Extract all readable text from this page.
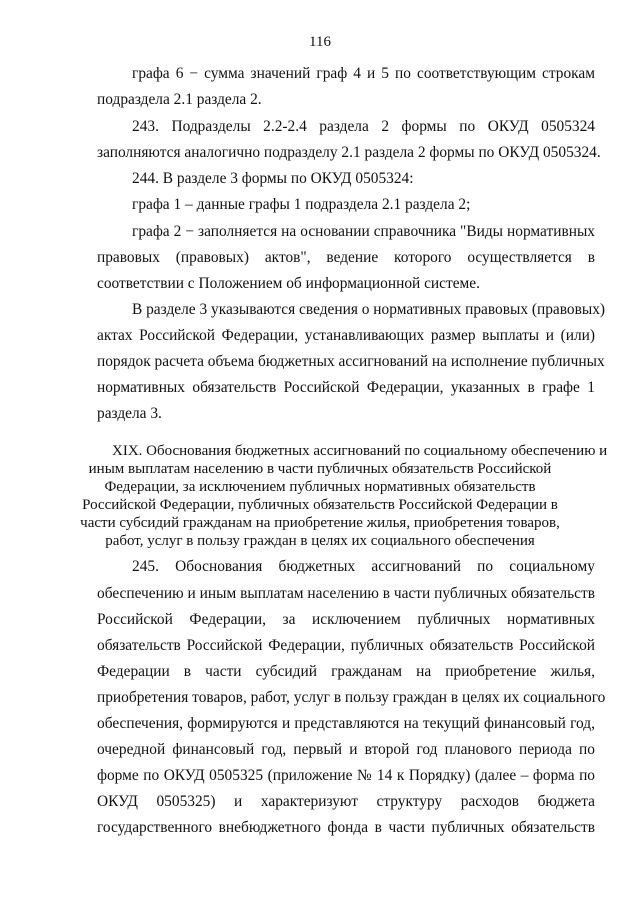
116
графа 6 − сумма значений граф 4 и 5 по соответствующим строкам
подраздела 2.1 раздела 2.
243. Подразделы 2.2-2.4 раздела 2 формы по ОКУД 0505324
заполняются аналогично подразделу 2.1 раздела 2 формы по ОКУД 0505324.
244. В разделе 3 формы по ОКУД 0505324:
графа 1 – данные графы 1 подраздела 2.1 раздела 2;
графа 2 − заполняется на основании справочника "Виды нормативных
правовых (правовых) актов", ведение которого осуществляется в
соответствии с Положением об информационной системе.
В разделе 3 указываются сведения о нормативных правовых (правовых)
актах Российской Федерации, устанавливающих размер выплаты и (или)
порядок расчета объема бюджетных ассигнований на исполнение публичных
нормативных обязательств Российской Федерации, указанных в графе 1
раздела 3.
XIX. Обоснования бюджетных ассигнований по социальному обеспечению и
иным выплатам населению в части публичных обязательств Российской
Федерации, за исключением публичных нормативных обязательств
Российской Федерации, публичных обязательств Российской Федерации в
части субсидий гражданам на приобретение жилья, приобретения товаров,
работ, услуг в пользу граждан в целях их социального обеспечения
245. Обоснования бюджетных ассигнований по социальному
обеспечению и иным выплатам населению в части публичных обязательств
Российской Федерации, за исключением публичных нормативных
обязательств Российской Федерации, публичных обязательств Российской
Федерации в части субсидий гражданам на приобретение жилья,
приобретения товаров, работ, услуг в пользу граждан в целях их социального
обеспечения, формируются и представляются на текущий финансовый год,
очередной финансовый год, первый и второй год планового периода по
форме по ОКУД 0505325 (приложение № 14 к Порядку) (далее – форма по
ОКУД 0505325) и характеризуют структуру расходов бюджета
государственного внебюджетного фонда в части публичных обязательств
